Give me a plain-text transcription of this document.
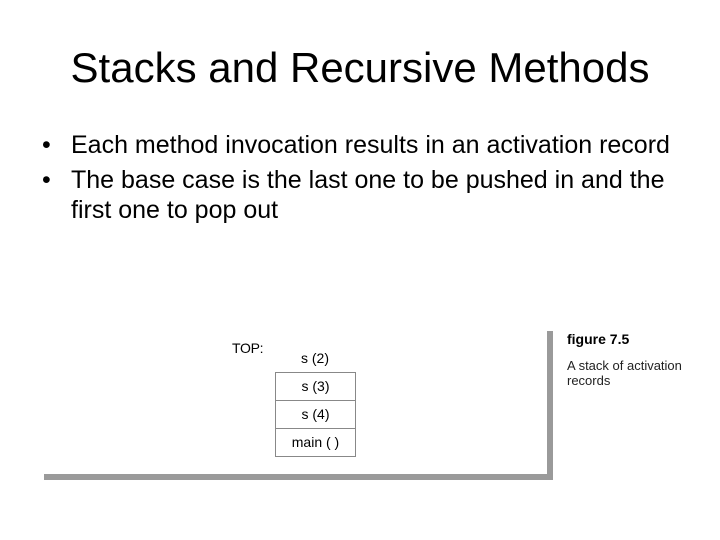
Stacks and Recursive Methods
• Each method invocation results in an activation record
• The base case is the last one to be pushed in and the first one to pop out
TOP:
s (2)
s (3)
s (4)
main ( )
figure 7.5
A stack of activation records
